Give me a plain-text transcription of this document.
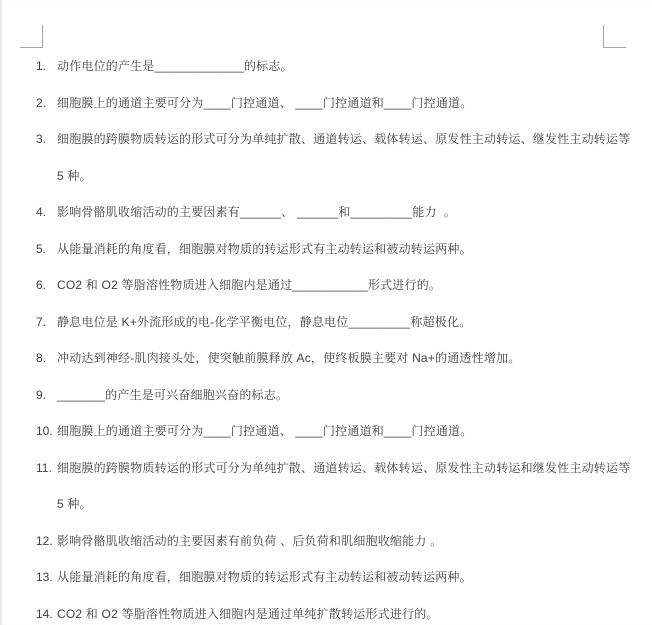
1. 动作电位的产生是_____________的标志。
2. 细胞膜上的通道主要可分为____门控通道、 ____门控通道和____门控通道。
3. 细胞膜的跨膜物质转运的形式可分为单纯扩散、通道转运、载体转运、原发性主动转运、继发性主动转运等
5 种。
4. 影响骨骼肌收缩活动的主要因素有______、 ______和_________能力  。
5. 从能量消耗的角度看，细胞膜对物质的转运形式有主动转运和被动转运两种。
6. CO2 和 O2 等脂溶性物质进入细胞内是通过___________形式进行的。
7. 静息电位是 K+外流形成的电-化学平衡电位，静息电位_________称超极化。
8. 冲动达到神经-肌肉接头处，使突触前膜释放 Ac，使终板膜主要对 Na+的通透性增加。
9. _______的产生是可兴奋细胞兴奋的标志。
10. 细胞膜上的通道主要可分为____门控通道、 ____门控通道和____门控通道。
11. 细胞膜的跨膜物质转运的形式可分为单纯扩散、通道转运、载体转运、原发性主动转运和继发性主动转运等
5 种。
12. 影响骨骼肌收缩活动的主要因素有前负荷 、后负荷和肌细胞收缩能力 。
13. 从能量消耗的角度看，细胞膜对物质的转运形式有主动转运和被动转运两种。
14. CO2 和 O2 等脂溶性物质进入细胞内是通过单纯扩散转运形式进行的。
